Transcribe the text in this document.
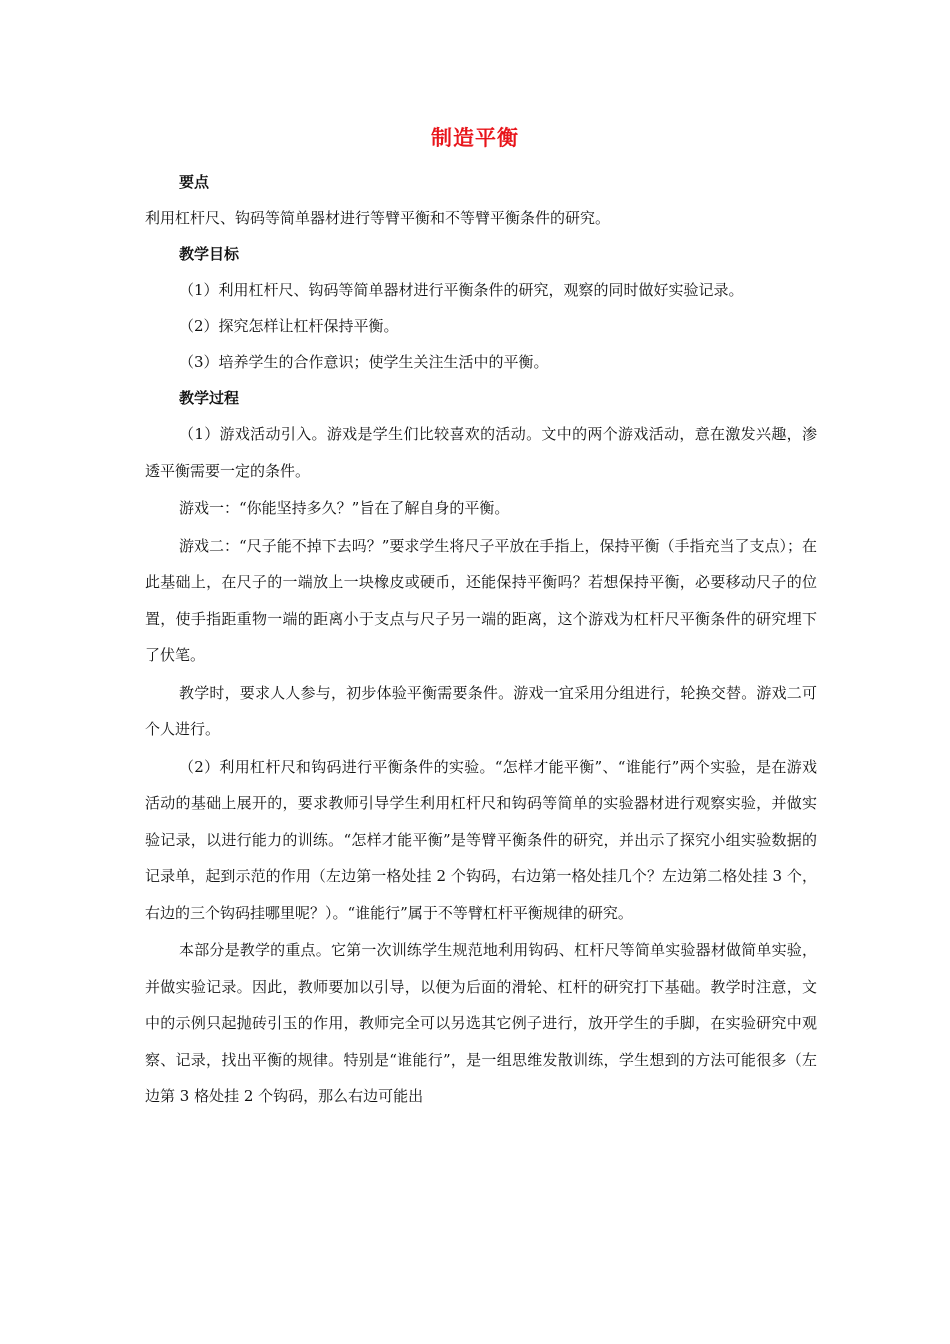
制造平衡
要点
利用杠杆尺、钩码等简单器材进行等臂平衡和不等臂平衡条件的研究。
教学目标
（1）利用杠杆尺、钩码等简单器材进行平衡条件的研究，观察的同时做好实验记录。
（2）探究怎样让杠杆保持平衡。
（3）培养学生的合作意识；使学生关注生活中的平衡。
教学过程

（1）游戏活动引入。游戏是学生们比较喜欢的活动。文中的两个游戏活动，意在激发兴趣，渗透平衡需要一定的条件。

游戏一：“你能坚持多久？”旨在了解自身的平衡。

游戏二：“尺子能不掉下去吗？”要求学生将尺子平放在手指上，保持平衡（手指充当了支点）；在此基础上，在尺子的一端放上一块橡皮或硬币，还能保持平衡吗？若想保持平衡，必要移动尺子的位置，使手指距重物一端的距离小于支点与尺子另一端的距离，这个游戏为杠杆尺平衡条件的研究埋下了伏笔。

教学时，要求人人参与，初步体验平衡需要条件。游戏一宜采用分组进行，轮换交替。游戏二可个人进行。

（2）利用杠杆尺和钩码进行平衡条件的实验。“怎样才能平衡”、“谁能行”两个实验，是在游戏活动的基础上展开的，要求教师引导学生利用杠杆尺和钩码等简单的实验器材进行观察实验，并做实验记录，以进行能力的训练。“怎样才能平衡”是等臂平衡条件的研究，并出示了探究小组实验数据的记录单，起到示范的作用（左边第一格处挂 2 个钩码，右边第一格处挂几个？左边第二格处挂 3 个，右边的三个钩码挂哪里呢？）。“谁能行”属于不等臂杠杆平衡规律的研究。

本部分是教学的重点。它第一次训练学生规范地利用钩码、杠杆尺等简单实验器材做简单实验，并做实验记录。因此，教师要加以引导，以便为后面的滑轮、杠杆的研究打下基础。教学时注意，文中的示例只起抛砖引玉的作用，教师完全可以另选其它例子进行，放开学生的手脚，在实验研究中观察、记录，找出平衡的规律。特别是“谁能行”，是一组思维发散训练，学生想到的方法可能很多（左边第 3 格处挂 2 个钩码，那么右边可能出
